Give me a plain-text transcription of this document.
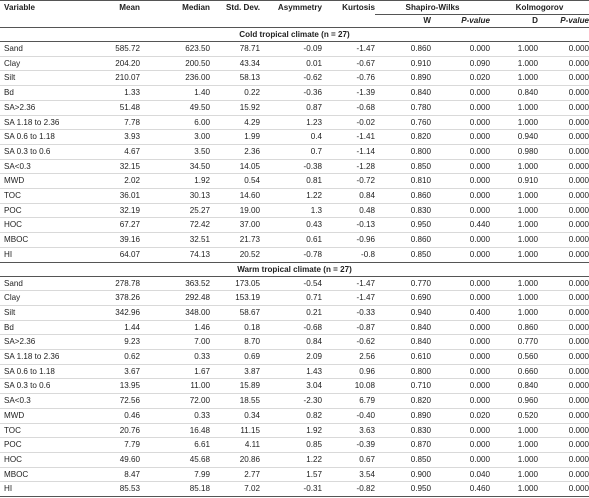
Variable	Mean	Median	Std. Dev.	Asymmetry	Kurtosis	Shapiro-Wilks		Kolmogorov	
						W	P-value	D	P-value
Cold tropical climate (n = 27)									
Sand	585.72	623.50	78.71	-0.09	-1.47	0.860	0.000	1.000	0.000
Clay	204.20	200.50	43.34	0.01	-0.67	0.910	0.090	1.000	0.000
Silt	210.07	236.00	58.13	-0.62	-0.76	0.890	0.020	1.000	0.000
Bd	1.33	1.40	0.22	-0.36	-1.39	0.840	0.000	0.840	0.000
SA>2.36	51.48	49.50	15.92	0.87	-0.68	0.780	0.000	1.000	0.000
SA 1.18 to 2.36	7.78	6.00	4.29	1.23	-0.02	0.760	0.000	1.000	0.000
SA 0.6 to 1.18	3.93	3.00	1.99	0.4	-1.41	0.820	0.000	0.940	0.000
SA 0.3 to 0.6	4.67	3.50	2.36	0.7	-1.14	0.800	0.000	0.980	0.000
SA<0.3	32.15	34.50	14.05	-0.38	-1.28	0.850	0.000	1.000	0.000
MWD	2.02	1.92	0.54	0.81	-0.72	0.810	0.000	0.910	0.000
TOC	36.01	30.13	14.60	1.22	0.84	0.860	0.000	1.000	0.000
POC	32.19	25.27	19.00	1.3	0.48	0.830	0.000	1.000	0.000
HOC	67.27	72.42	37.00	0.43	-0.13	0.950	0.440	1.000	0.000
MBOC	39.16	32.51	21.73	0.61	-0.96	0.860	0.000	1.000	0.000
HI	64.07	74.13	20.52	-0.78	-0.8	0.850	0.000	1.000	0.000
Warm tropical climate (n = 27)									
Sand	278.78	363.52	173.05	-0.54	-1.47	0.770	0.000	1.000	0.000
Clay	378.26	292.48	153.19	0.71	-1.47	0.690	0.000	1.000	0.000
Silt	342.96	348.00	58.67	0.21	-0.33	0.940	0.400	1.000	0.000
Bd	1.44	1.46	0.18	-0.68	-0.87	0.840	0.000	0.860	0.000
SA>2.36	9.23	7.00	8.70	0.84	-0.62	0.840	0.000	0.770	0.000
SA 1.18 to 2.36	0.62	0.33	0.69	2.09	2.56	0.610	0.000	0.560	0.000
SA 0.6 to 1.18	3.67	1.67	3.87	1.43	0.96	0.800	0.000	0.660	0.000
SA 0.3 to 0.6	13.95	11.00	15.89	3.04	10.08	0.710	0.000	0.840	0.000
SA<0.3	72.56	72.00	18.55	-2.30	6.79	0.820	0.000	0.960	0.000
MWD	0.46	0.33	0.34	0.82	-0.40	0.890	0.020	0.520	0.000
TOC	20.76	16.48	11.15	1.92	3.63	0.830	0.000	1.000	0.000
POC	7.79	6.61	4.11	0.85	-0.39	0.870	0.000	1.000	0.000
HOC	49.60	45.68	20.86	1.22	0.67	0.850	0.000	1.000	0.000
MBOC	8.47	7.99	2.77	1.57	3.54	0.900	0.040	1.000	0.000
HI	85.53	85.18	7.02	-0.31	-0.82	0.950	0.460	1.000	0.000
